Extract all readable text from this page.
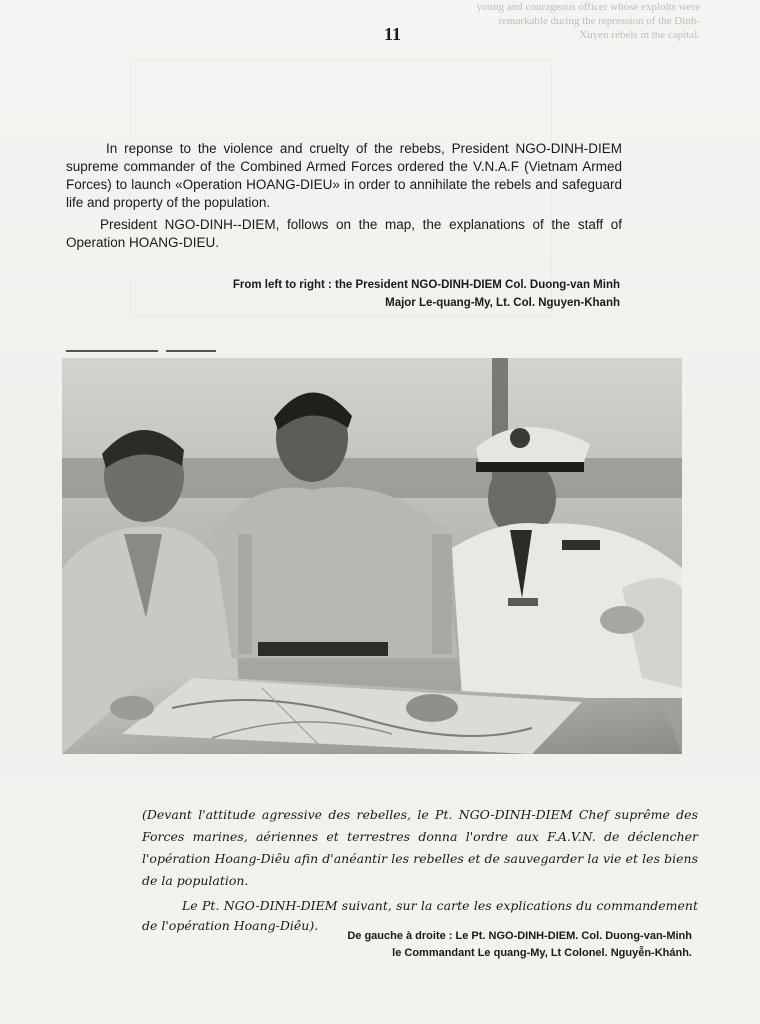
young and courageous officer whose exploits were remarkable during the repression of the Dinh-Xuyen rebels in the capital.
11

In reponse to the violence and cruelty of the rebebs, President NGO-DINH-DIEM supreme commander of the Combined Armed Forces ordered the V.N.A.F (Vietnam Armed Forces) to launch «Operation HOANG-DIEU» in order to annihilate the rebels and safeguard life and property of the population.

President NGO-DINH--DIEM, follows on the map, the explanations of the staff of Operation HOANG-DIEU.

From left to right : the President NGO-DINH-DIEM Col. Duong-van Minh
Major Le-quang-My, Lt. Col. Nguyen-Khanh

(Devant l'attitude agressive des rebelles, le Pt. NGO-DINH-DIEM Chef suprême des Forces marines, aériennes et terrestres donna l'ordre aux F.A.V.N. de déclencher l'opération Hoang-Diêu afin d'anéantir les rebelles et de sauvegarder la vie et les biens de la population.

Le Pt. NGO-DINH-DIEM suivant, sur la carte les explications du commandement de l'opération Hoang-Diêu).

De gauche à droite : Le Pt. NGO-DINH-DIEM. Col. Duong-van-Minh
le Commandant Le quang-My, Lt Colonel. Nguyễn-Khánh.
